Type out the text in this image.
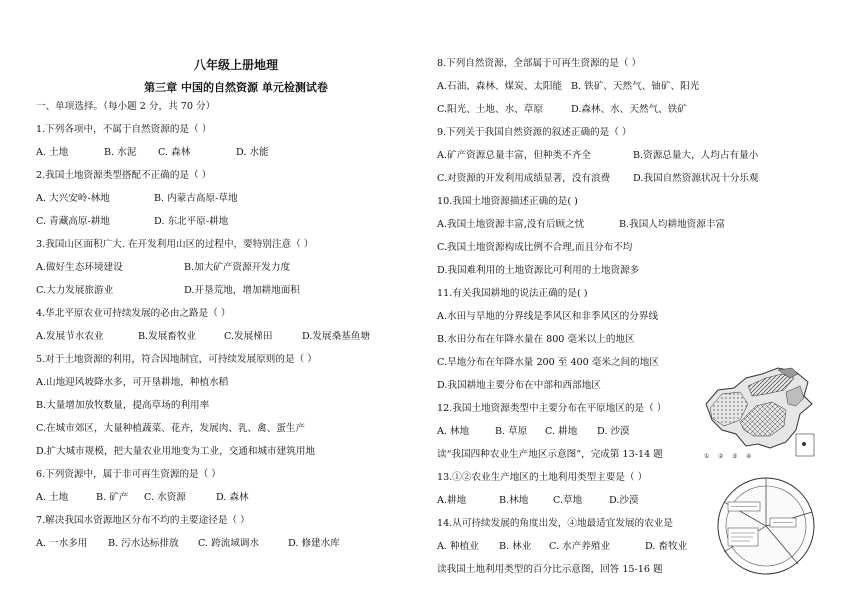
八年级上册地理
第三章 中国的自然资源 单元检测试卷
一、单项选择。（每小题 2 分，共 70 分）
1.下列各项中，不属于自然资源的是（ ）
A. 土地	B. 水泥 C. 森林	D. 水能
2.我国土地资源类型搭配不正确的是（ ）
A. 大兴安岭-林地	B. 内蒙古高原-草地
C. 青藏高原-耕地	D. 东北平原-耕地
3.我国山区面积广大. 在开发利用山区的过程中，要特别注意（ ）
A.做好生态环境建设	B.加大矿产资源开发力度
C.大力发展旅游业	D.开垦荒地，增加耕地面积
4.华北平原农业可持续发展的必由之路是（ ）
A.发展节水农业	B.发展畜牧业	C.发展梯田	D.发展桑基鱼塘
5.对于土地资源的利用，符合因地制宜，可持续发展原则的是（ ）
A.山地迎风坡降水多，可开垦耕地，种植水稻
B.大量增加放牧数量，提高草场的利用率
C.在城市郊区，大量种植蔬菜、花卉，发展肉、乳、禽、蛋生产
D.扩大城市规模，把大量农业用地变为工业，交通和城市建筑用地
6.下列资源中，属于非可再生资源的是（ ）
A. 土地	B. 矿产 C. 水资源	D. 森林
7.解决我国水资源地区分布不均的主要途径是（ ）
A. 一水多用 B. 污水达标排放 C. 跨流域调水	D. 修建水库
8.下列自然资源，全部属于可再生资源的是（ ）
A.石油、森林、煤炭、太阳能 B. 铁矿、天然气、铀矿、阳光
C.阳光、土地、水、草原	D.森林、水、天然气、铁矿
9.下列关于我国自然资源的叙述正确的是（ ）
A.矿产资源总量丰富，但种类不齐全	B.资源总量大，人均占有量小
C.对资源的开发利用成绩显著，没有浪费 D.我国自然资源状况十分乐观
10.我国土地资源描述正确的是( )
A.我国土地资源丰富,没有后顾之忧	B.我国人均耕地资源丰富
C.我国土地资源构成比例不合理,而且分布不均
D.我国难利用的土地资源比可利用的土地资源多
11.有关我国耕地的说法正确的是( )
A.水田与旱地的分界线是季风区和非季风区的分界线
B.水田分布在年降水量在 800 毫米以上的地区
C.旱地分布在年降水量 200 至 400 毫米之间的地区
D.我国耕地主要分布在中部和西部地区
12.我国土地资源类型中主要分布在平原地区的是（ ）
A. 林地	B. 草原 C. 耕地 D. 沙漠
读“我国四种农业生产地区示意图”，完成第 13-14 题
13.①②农业生产地区的土地利用类型主要是（ ）
A.耕地	B.林地	C.草地	D.沙漠
14.从可持续发展的角度出发，④地最适宜发展的农业是
A. 种植业 B. 林业 C. 水产养殖业	D. 畜牧业
读我国土地利用类型的百分比示意图，回答 15-16 题
① ② ③ ④
